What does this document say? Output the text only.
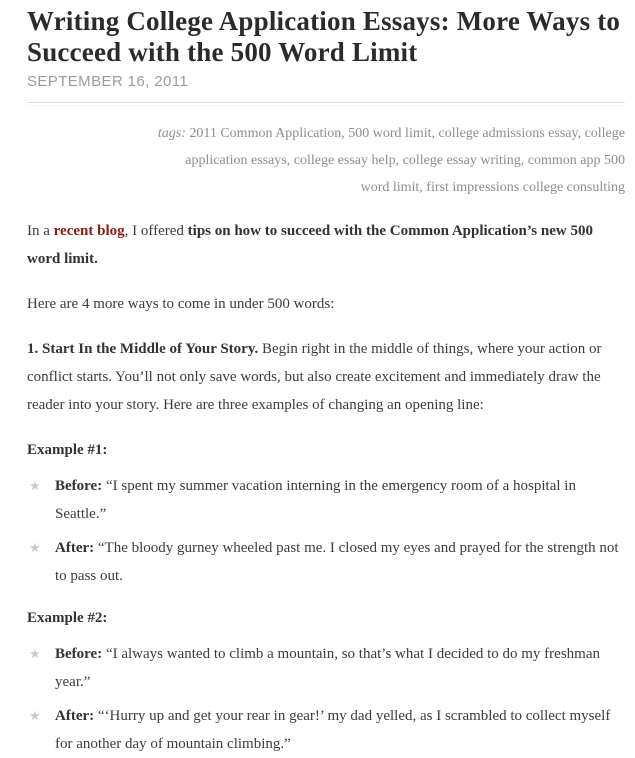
Writing College Application Essays: More Ways to Succeed with the 500 Word Limit
SEPTEMBER 16, 2011
tags: 2011 Common Application, 500 word limit, college admissions essay, college application essays, college essay help, college essay writing, common app 500 word limit, first impressions college consulting

In a recent blog, I offered tips on how to succeed with the Common Application’s new 500 word limit.

Here are 4 more ways to come in under 500 words:

1. Start In the Middle of Your Story. Begin right in the middle of things, where your action or conflict starts. You’ll not only save words, but also create excitement and immediately draw the reader into your story. Here are three examples of changing an opening line:

Example #1:
★ Before: “I spent my summer vacation interning in the emergency room of a hospital in Seattle.”
★ After: “The bloody gurney wheeled past me. I closed my eyes and prayed for the strength not to pass out.
Example #2:
★ Before: “I always wanted to climb a mountain, so that’s what I decided to do my freshman year.”
★ After: “‘Hurry up and get your rear in gear!’ my dad yelled, as I scrambled to collect myself for another day of mountain climbing.”
